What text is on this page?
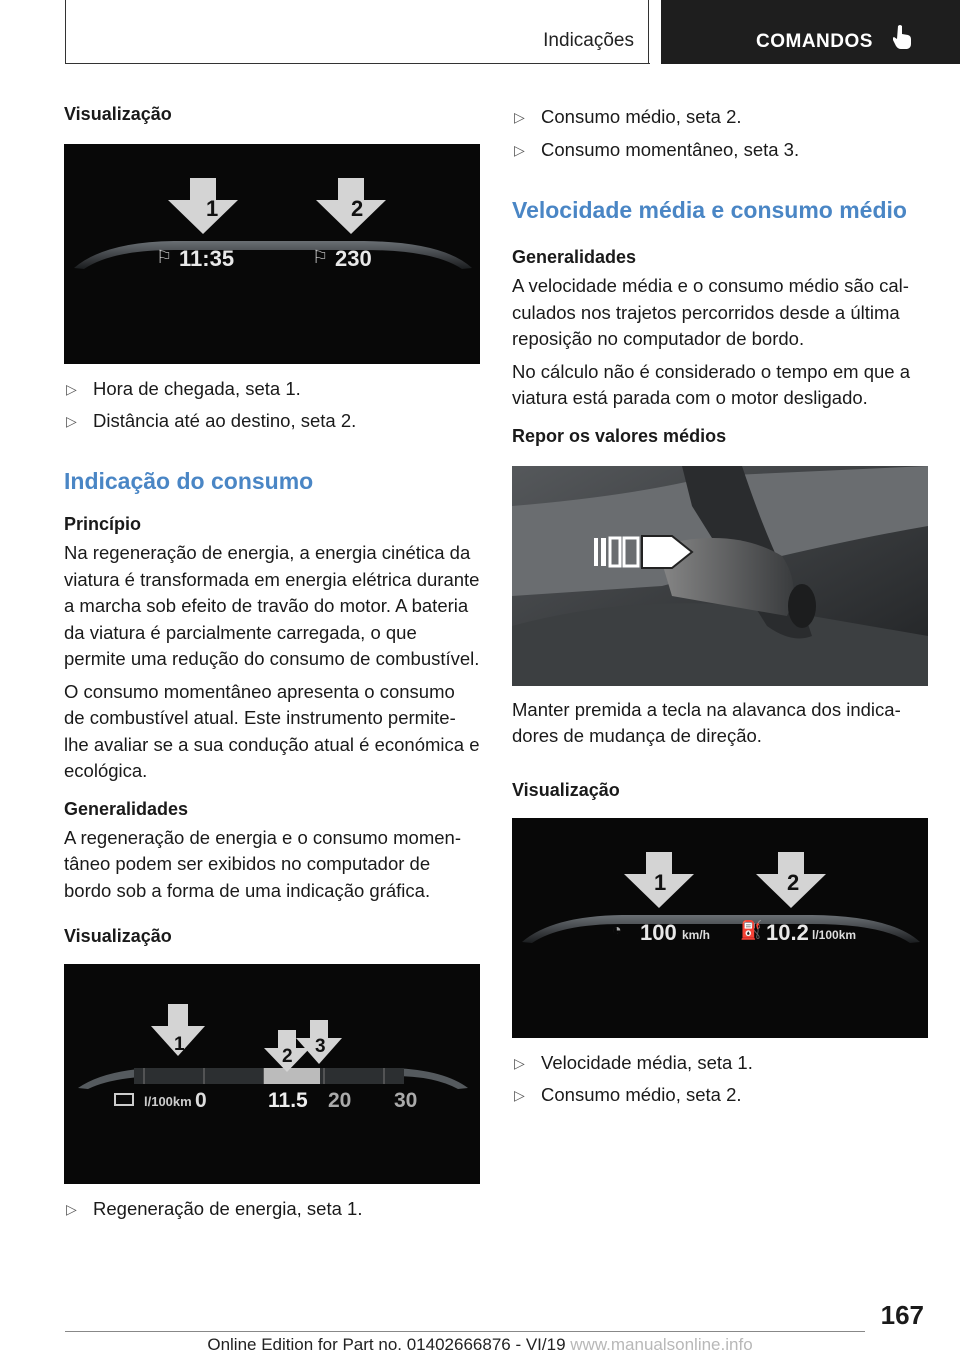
Indicações	COMANDOS

Visualização

1	2
⚐ 11:35	⚐ 230

▷ Hora de chegada, seta 1.

▷ Distância até ao destino, seta 2.

Indicação do consumo

Princípio

Na regeneração de energia, a energia cinética da viatura é transformada em energia elétrica durante a marcha sob efeito de travão do motor. A bateria da viatura é parcialmente carregada, o que permite uma redução do consumo de combustível.

O consumo momentâneo apresenta o consumo de combustível atual. Este instrumento permite-lhe avaliar se a sua condução atual é económica e ecológica.

Generalidades

A regeneração de energia e o consumo momentâneo podem ser exibidos no computador de bordo sob a forma de uma indicação gráfica.

Visualização

1
2 3
l/100km 0	11.5 20 30

▷ Regeneração de energia, seta 1.

▷ Consumo médio, seta 2.

▷ Consumo momentâneo, seta 3.

Velocidade média e consumo médio

Generalidades

A velocidade média e o consumo médio são calculados nos trajetos percorridos desde a última reposição no computador de bordo.

No cálculo não é considerado o tempo em que a viatura está parada com o motor desligado.

Repor os valores médios

Manter premida a tecla na alavanca dos indicadores de mudança de direção.

Visualização

1	2
◔ 100 km/h ⛽ 10.2 l/100km

▷ Velocidade média, seta 1.

▷ Consumo médio, seta 2.

167
Online Edition for Part no. 01402666876 - VI/19 www.manualsonline.info
